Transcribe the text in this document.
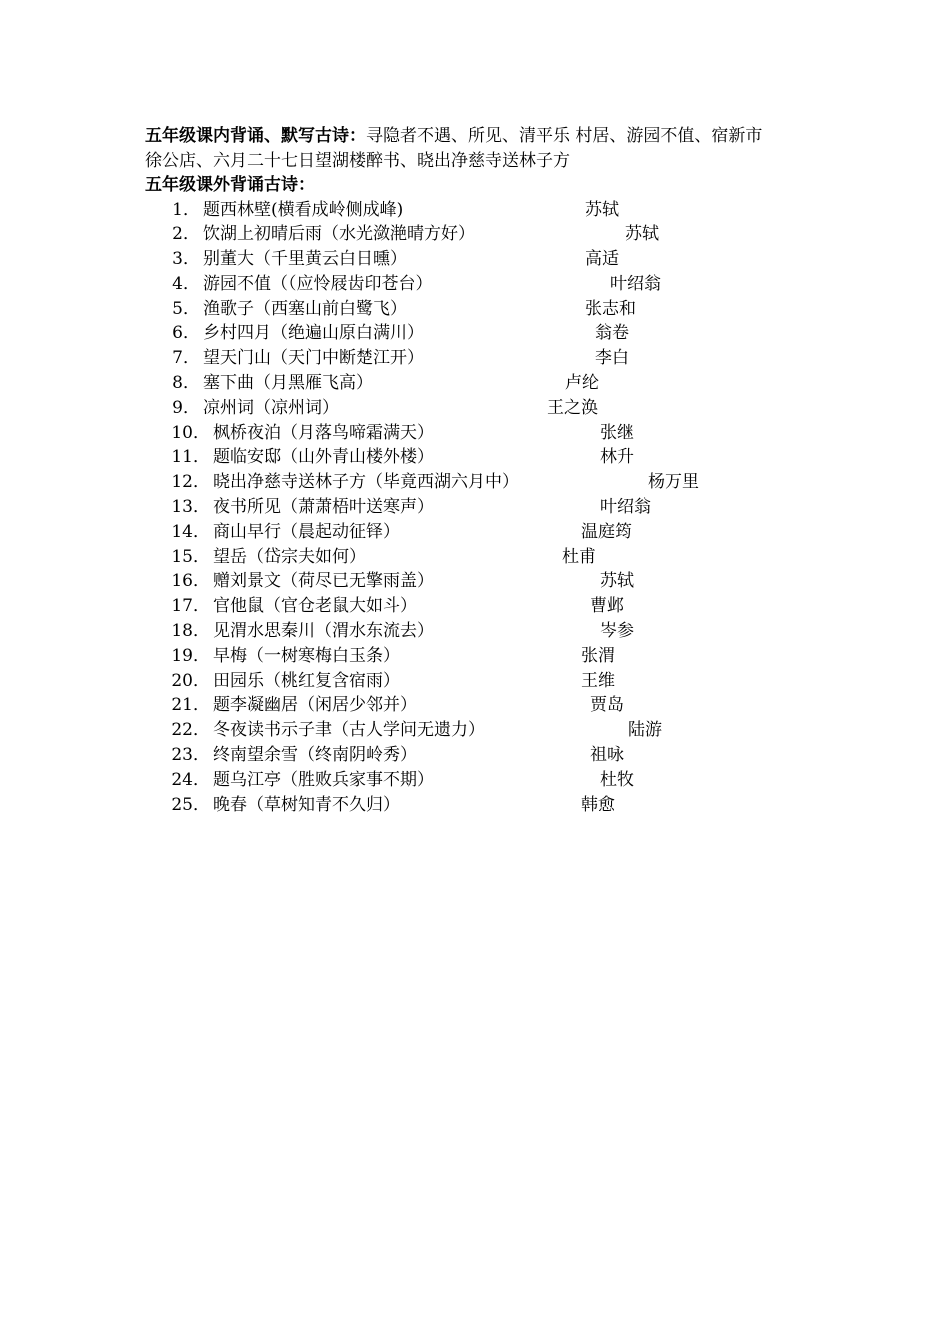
五年级课内背诵、默写古诗：寻隐者不遇、所见、清平乐 村居、游园不值、宿新市
徐公店、六月二十七日望湖楼醉书、晓出净慈寺送林子方
五年级课外背诵古诗：
1． 题西林壁(横看成岭侧成峰)	苏轼
2． 饮湖上初晴后雨（水光潋滟晴方好）	苏轼
3． 别董大（千里黄云白日曛）	高适
4． 游园不值（（应怜屐齿印苍台）	叶绍翁
5． 渔歌子（西塞山前白鹭飞）	张志和
6． 乡村四月（绝遍山原白满川）	翁卷
7． 望天门山（天门中断楚江开）	李白
8． 塞下曲（月黑雁飞高）	卢纶
9． 凉州词（凉州词）	王之涣
10． 枫桥夜泊（月落鸟啼霜满天）	张继
11． 题临安邸（山外青山楼外楼）	林升
12． 晓出净慈寺送林子方（毕竟西湖六月中）	杨万里
13． 夜书所见（萧萧梧叶送寒声）	叶绍翁
14． 商山早行（晨起动征铎）	温庭筠
15． 望岳（岱宗夫如何）	杜甫
16． 赠刘景文（荷尽已无擎雨盖）	苏轼
17． 官他鼠（官仓老鼠大如斗）	曹邺
18． 见渭水思秦川（渭水东流去）	岑参
19． 早梅（一树寒梅白玉条）	张渭
20． 田园乐（桃红复含宿雨）	王维
21． 题李凝幽居（闲居少邻并）	贾岛
22． 冬夜读书示子聿（古人学问无遗力）	陆游
23． 终南望余雪（终南阴岭秀）	祖咏
24． 题乌江亭（胜败兵家事不期）	杜牧
25． 晚春（草树知青不久归）	韩愈
